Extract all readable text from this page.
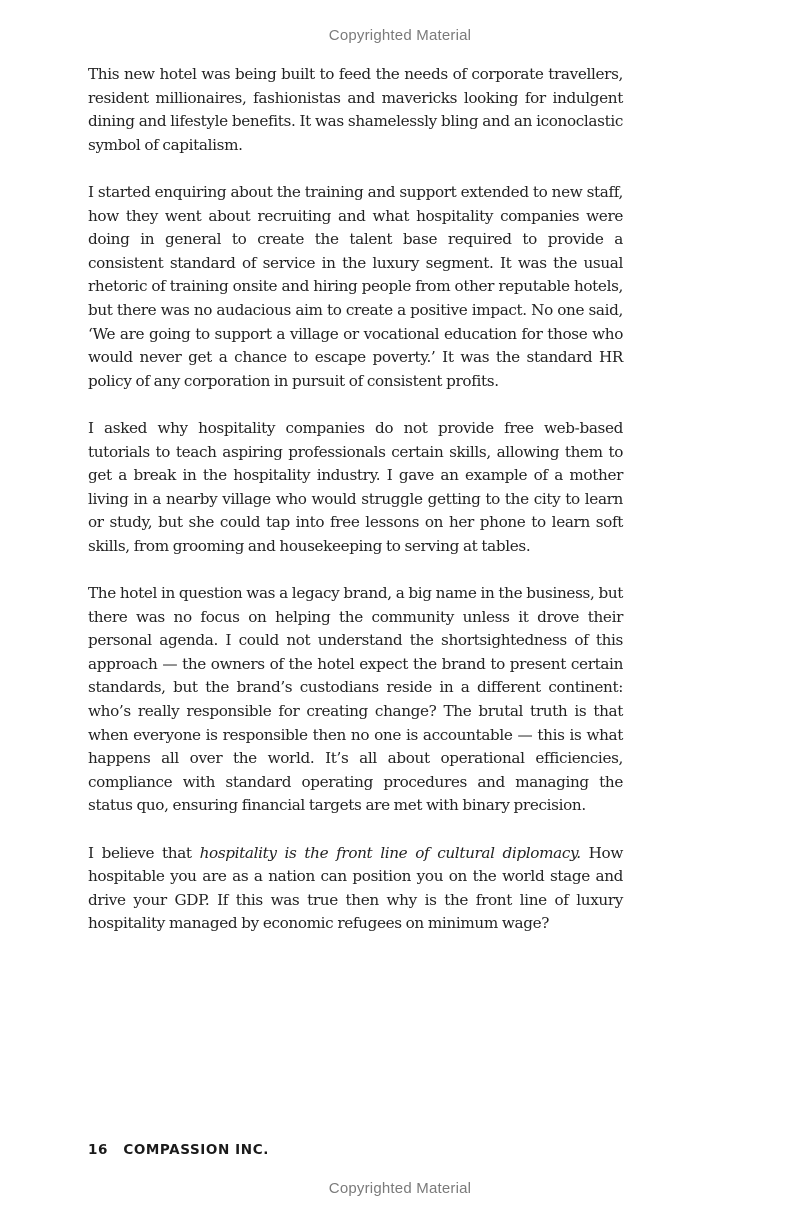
Copyrighted Material

This new hotel was being built to feed the needs of corporate travellers, resident millionaires, fashionistas and mavericks looking for indulgent dining and lifestyle benefits. It was shamelessly bling and an iconoclastic symbol of capitalism.

I started enquiring about the training and support extended to new staff, how they went about recruiting and what hospitality companies were doing in general to create the talent base required to provide a consistent standard of service in the luxury segment. It was the usual rhetoric of training onsite and hiring people from other reputable hotels, but there was no audacious aim to create a positive impact. No one said, ‘We are going to support a village or vocational education for those who would never get a chance to escape poverty.’ It was the standard HR policy of any corporation in pursuit of consistent profits.

I asked why hospitality companies do not provide free web-based tutorials to teach aspiring professionals certain skills, allowing them to get a break in the hospitality industry. I gave an example of a mother living in a nearby village who would struggle getting to the city to learn or study, but she could tap into free lessons on her phone to learn soft skills, from grooming and housekeeping to serving at tables.

The hotel in question was a legacy brand, a big name in the business, but there was no focus on helping the community unless it drove their personal agenda. I could not understand the shortsightedness of this approach — the owners of the hotel expect the brand to present certain standards, but the brand’s custodians reside in a different continent: who’s really responsible for creating change? The brutal truth is that when everyone is responsible then no one is accountable — this is what happens all over the world. It’s all about operational efficiencies, compliance with standard operating procedures and managing the status quo, ensuring financial targets are met with binary precision.

I believe that hospitality is the front line of cultural diplomacy. How hospitable you are as a nation can position you on the world stage and drive your GDP. If this was true then why is the front line of luxury hospitality managed by economic refugees on minimum wage?

16 COMPASSION INC.
Copyrighted Material
